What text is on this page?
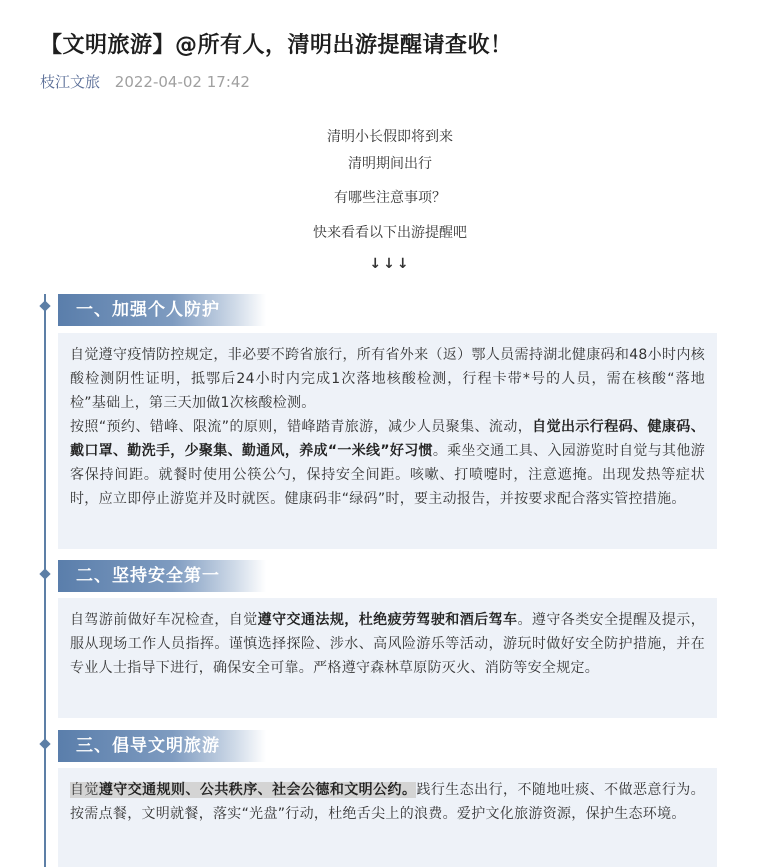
【文明旅游】@所有人，清明出游提醒请查收！
枝江文旅 2022-04-02 17:42
清明小长假即将到来
清明期间出行
有哪些注意事项？
快来看看以下出游提醒吧
↓↓↓
一、加强个人防护
自觉遵守疫情防控规定，非必要不跨省旅行，所有省外来（返）鄂人员需持湖北健康码和48小时内核酸检测阴性证明，抵鄂后24小时内完成1次落地核酸检测，行程卡带*号的人员，需在核酸“落地检”基础上，第三天加做1次核酸检测。
按照“预约、错峰、限流”的原则，错峰踏青旅游，减少人员聚集、流动，自觉出示行程码、健康码、戴口罩、勤洗手，少聚集、勤通风，养成“一米线”好习惯。乘坐交通工具、入园游览时自觉与其他游客保持间距。就餐时使用公筷公勺，保持安全间距。咳嗽、打喷嚏时，注意遮掩。出现发热等症状时，应立即停止游览并及时就医。健康码非“绿码”时，要主动报告，并按要求配合落实管控措施。
二、坚持安全第一
自驾游前做好车况检查，自觉遵守交通法规，杜绝疲劳驾驶和酒后驾车。遵守各类安全提醒及提示，服从现场工作人员指挥。谨慎选择探险、涉水、高风险游乐等活动，游玩时做好安全防护措施，并在专业人士指导下进行，确保安全可靠。严格遵守森林草原防灭火、消防等安全规定。
三、倡导文明旅游
自觉遵守交通规则、公共秩序、社会公德和文明公约。践行生态出行，不随地吐痰、不做恶意行为。按需点餐，文明就餐，落实“光盘”行动，杜绝舌尖上的浪费。爱护文化旅游资源，保护生态环境。
